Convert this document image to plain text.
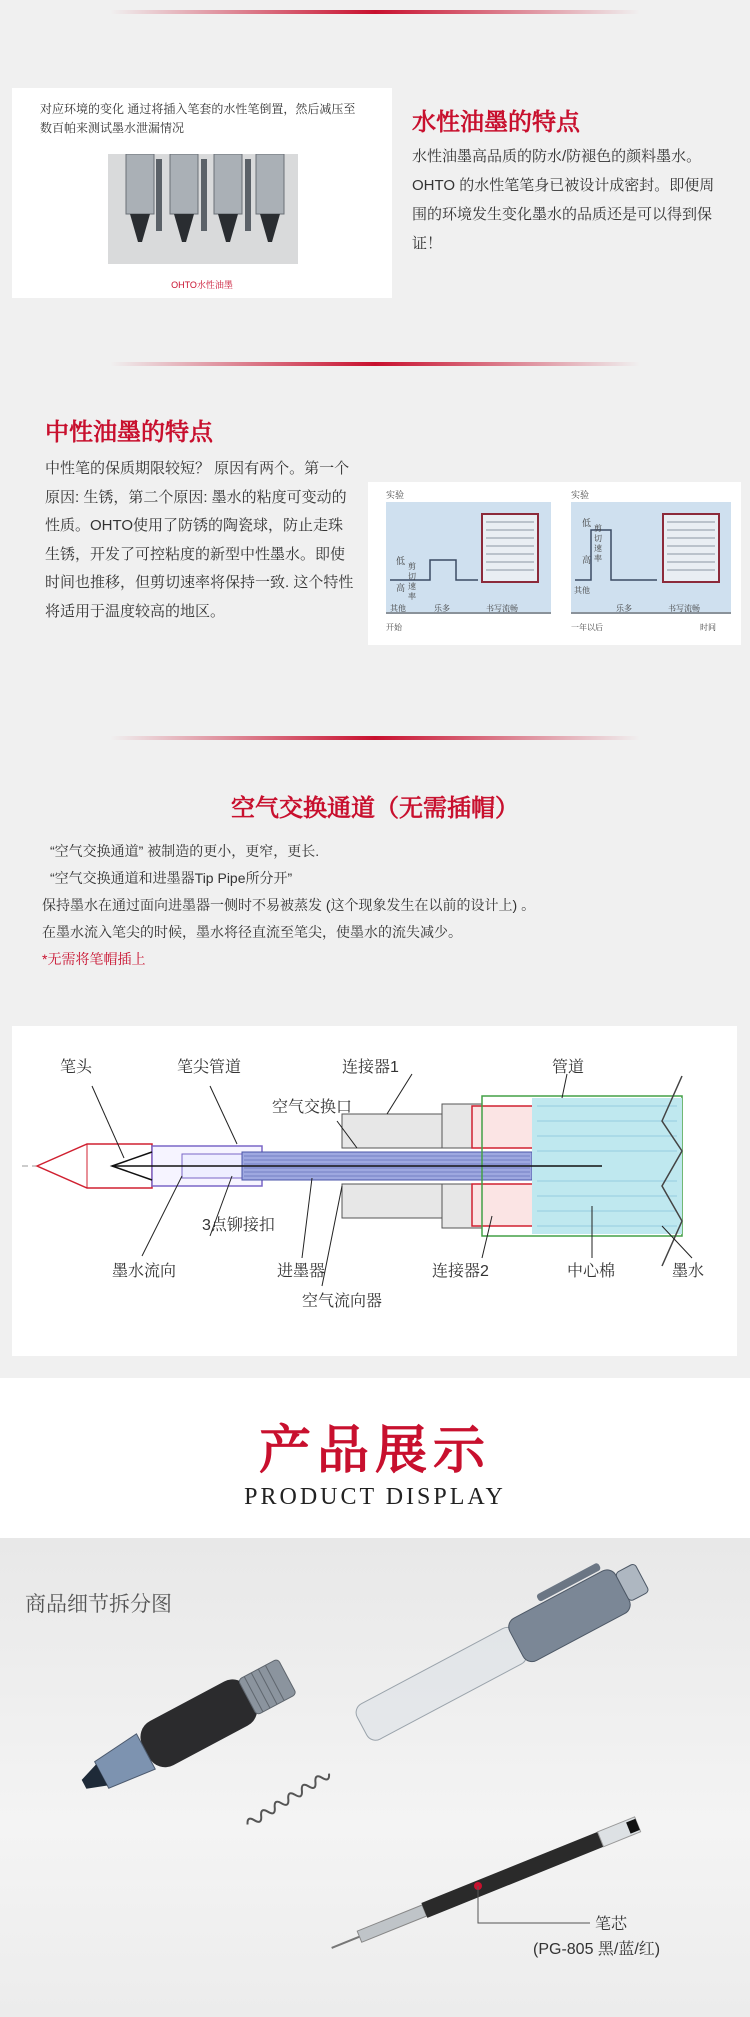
对应环境的变化 通过将插入笔套的水性笔倒置，然后减压至数百帕来测试墨水泄漏情况
OHTO水性油墨
水性油墨的特点
水性油墨高品质的防水/防褪色的颜料墨水。OHTO 的水性笔笔身已被设计成密封。即便周围的环境发生变化墨水的品质还是可以得到保证！
中性油墨的特点
中性笔的保质期限较短？ 原因有两个。第一个原因: 生锈，第二个原因: 墨水的粘度可变动的性质。OHTO使用了防锈的陶瓷球，防止走珠生锈，开发了可控粘度的新型中性墨水。即使时间也推移，但剪切速率将保持一致. 这个特性将适用于温度较高的地区。
实验
低
高
剪切速率
其他	乐多	书写流畅
开始
实验
低
高
剪切速率
其他
乐多	书写流畅
一年以后	时间
空气交换通道（无需插帽）
“空气交换通道” 被制造的更小，更窄，更长.
“空气交换通道和进墨器Tip Pipe所分开”
保持墨水在通过面向进墨器一侧时不易被蒸发 (这个现象发生在以前的设计上) 。
在墨水流入笔尖的时候，墨水将径直流至笔尖，使墨水的流失减少。
*无需将笔帽插上
笔头	笔尖管道	连接器1	管道
空气交换口
3点铆接扣
墨水流向	进墨器	连接器2	中心棉	墨水
空气流向器
产品展示
PRODUCT DISPLAY
商品细节拆分图
笔芯
(PG-805 黑/蓝/红)
